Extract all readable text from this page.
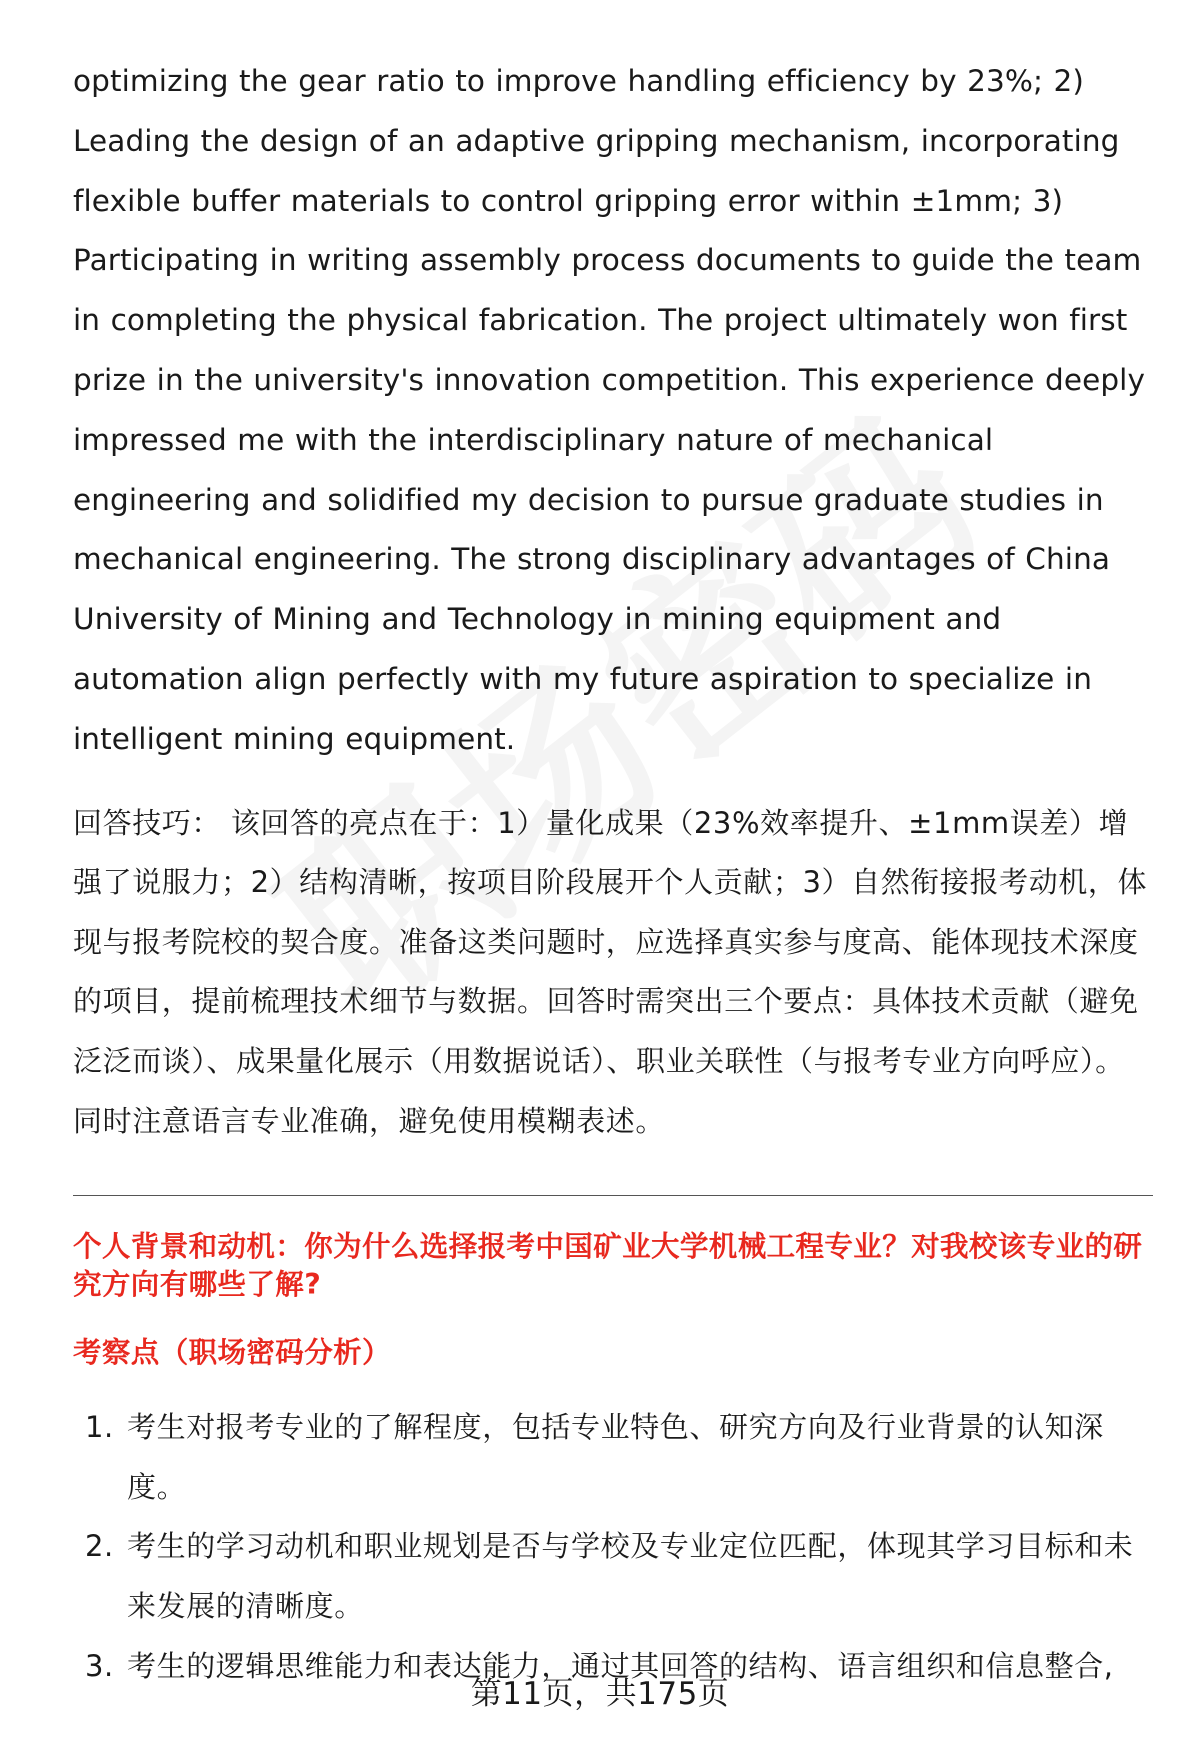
optimizing the gear ratio to improve handling efficiency by 23%; 2) Leading the design of an adaptive gripping mechanism, incorporating flexible buffer materials to control gripping error within ±1mm; 3) Participating in writing assembly process documents to guide the team in completing the physical fabrication. The project ultimately won first prize in the university's innovation competition. This experience deeply impressed me with the interdisciplinary nature of mechanical engineering and solidified my decision to pursue graduate studies in mechanical engineering. The strong disciplinary advantages of China University of Mining and Technology in mining equipment and automation align perfectly with my future aspiration to specialize in intelligent mining equipment.

回答技巧： 该回答的亮点在于：1）量化成果（23%效率提升、±1mm误差）增强了说服力；2）结构清晰，按项目阶段展开个人贡献；3）自然衔接报考动机，体现与报考院校的契合度。准备这类问题时，应选择真实参与度高、能体现技术深度的项目，提前梳理技术细节与数据。回答时需突出三个要点：具体技术贡献（避免泛泛而谈）、成果量化展示（用数据说话）、职业关联性（与报考专业方向呼应）。同时注意语言专业准确，避免使用模糊表述。

个人背景和动机：你为什么选择报考中国矿业大学机械工程专业？对我校该专业的研究方向有哪些了解?
考察点（职场密码分析）
1. 考生对报考专业的了解程度，包括专业特色、研究方向及行业背景的认知深度。
2. 考生的学习动机和职业规划是否与学校及专业定位匹配，体现其学习目标和未来发展的清晰度。
3. 考生的逻辑思维能力和表达能力，通过其回答的结构、语言组织和信息整合,
第11页，共175页
